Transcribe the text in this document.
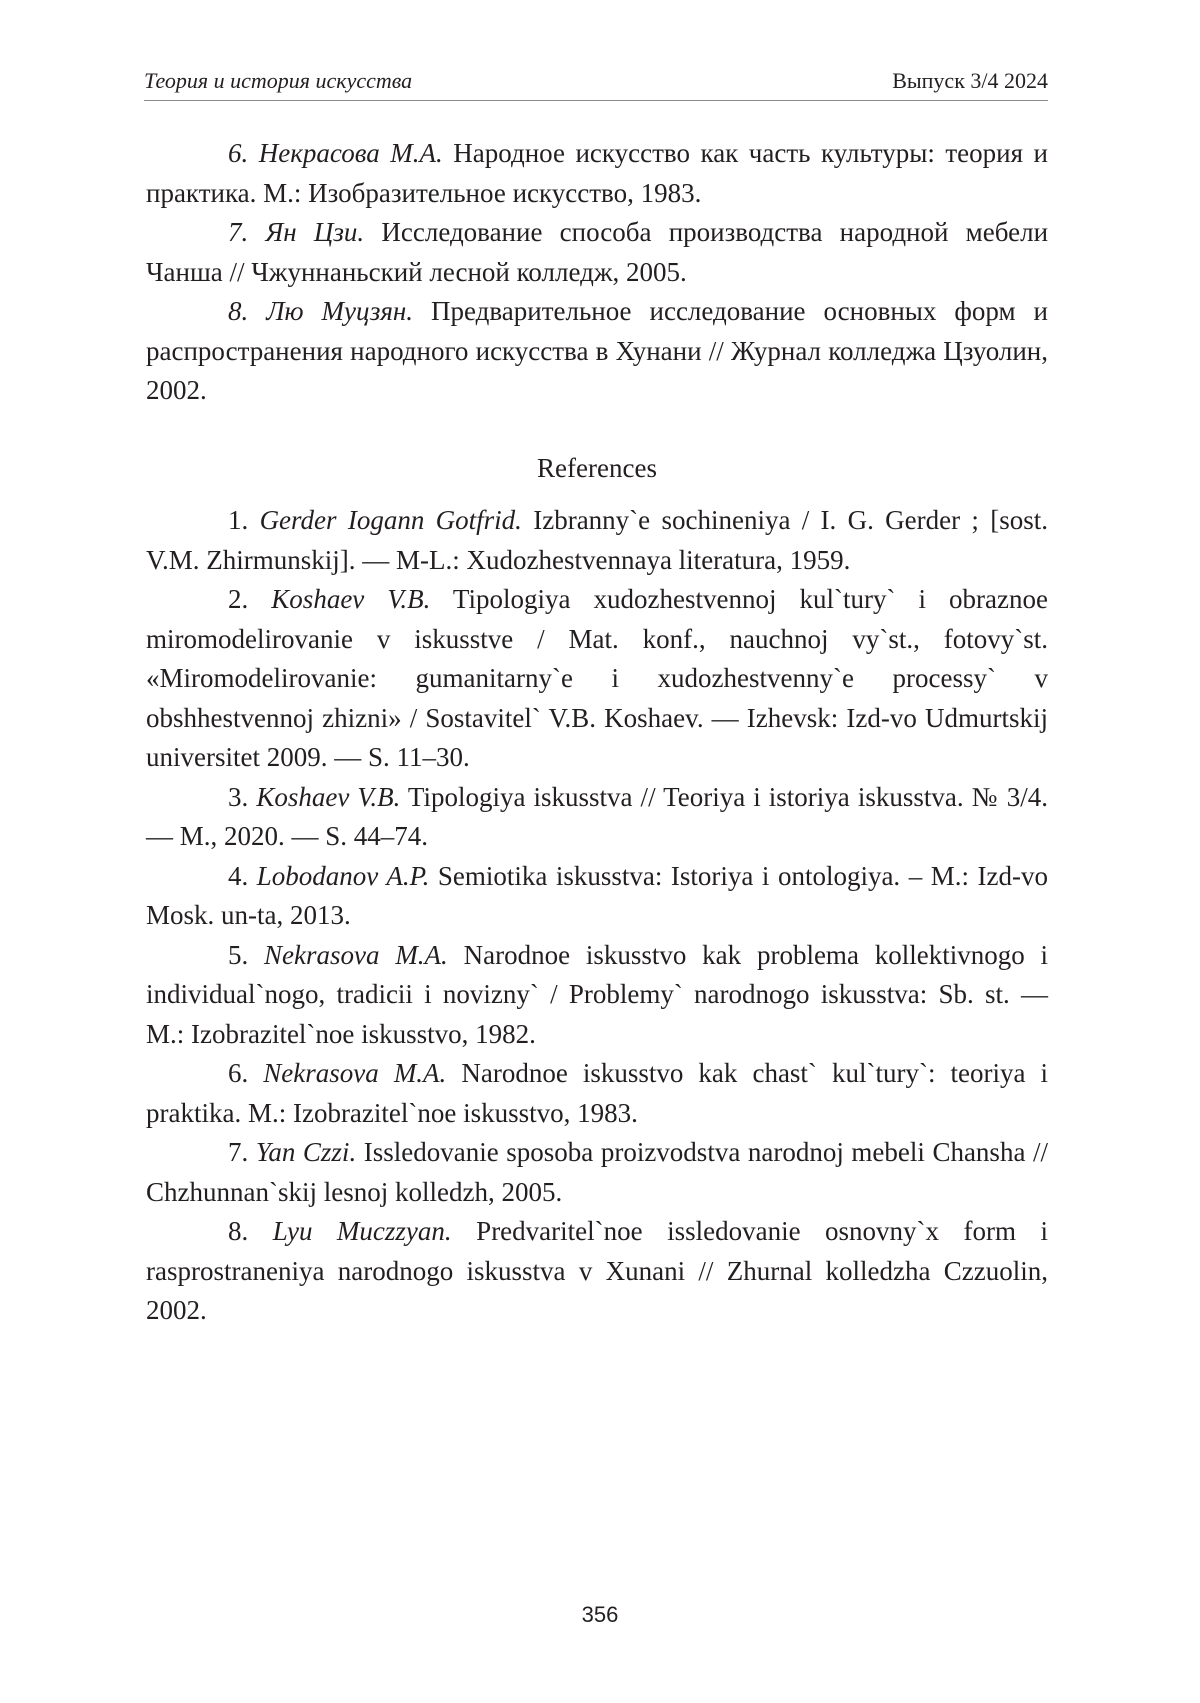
Теория и история искусства	Выпуск 3/4 2024

6. Некрасова М.А. Народное искусство как часть культуры: теория и практика. М.: Изобразительное искусство, 1983.

7. Ян Цзи. Исследование способа производства народной мебели Чанша // Чжуннаньский лесной колледж, 2005.

8. Лю Муцзян. Предварительное исследование основных форм и распространения народного искусства в Хунани // Журнал колледжа Цзуолин, 2002.

References

1. Gerder Iogann Gotfrid. Izbranny`e sochineniya / I. G. Gerder ; [sost. V.M. Zhirmunskij]. — M-L.: Xudozhestvennaya literatura, 1959.

2. Koshaev V.B. Tipologiya xudozhestvennoj kul`tury` i obraznoe miromodelirovanie v iskusstve / Mat. konf., nauchnoj vy`st., fotovy`st. «Miromodelirovanie: gumanitarny`e i xudozhestvenny`e processy` v obshhestvennoj zhizni» / Sostavitel` V.B. Koshaev. — Izhevsk: Izd-vo Udmurtskij universitet 2009. — S. 11–30.

3. Koshaev V.B. Tipologiya iskusstva // Teoriya i istoriya iskusstva. № 3/4. — M., 2020. — S. 44–74.

4. Lobodanov A.P. Semiotika iskusstva: Istoriya i ontologiya. – M.: Izd-vo Mosk. un-ta, 2013.

5. Nekrasova M.A. Narodnoe iskusstvo kak problema kollektivnogo i individual`nogo, tradicii i novizny` / Problemy` narodnogo iskusstva: Sb. st. — M.: Izobrazitel`noe iskusstvo, 1982.

6. Nekrasova M.A. Narodnoe iskusstvo kak chast` kul`tury`: teoriya i praktika. M.: Izobrazitel`noe iskusstvo, 1983.

7. Yan Czzi. Issledovanie sposoba proizvodstva narodnoj mebeli Chansha // Chzhunnan`skij lesnoj kolledzh, 2005.

8. Lyu Muczzyan. Predvaritel`noe issledovanie osnovny`x form i rasprostraneniya narodnogo iskusstva v Xunani // Zhurnal kolledzha Czzuolin, 2002.

356
